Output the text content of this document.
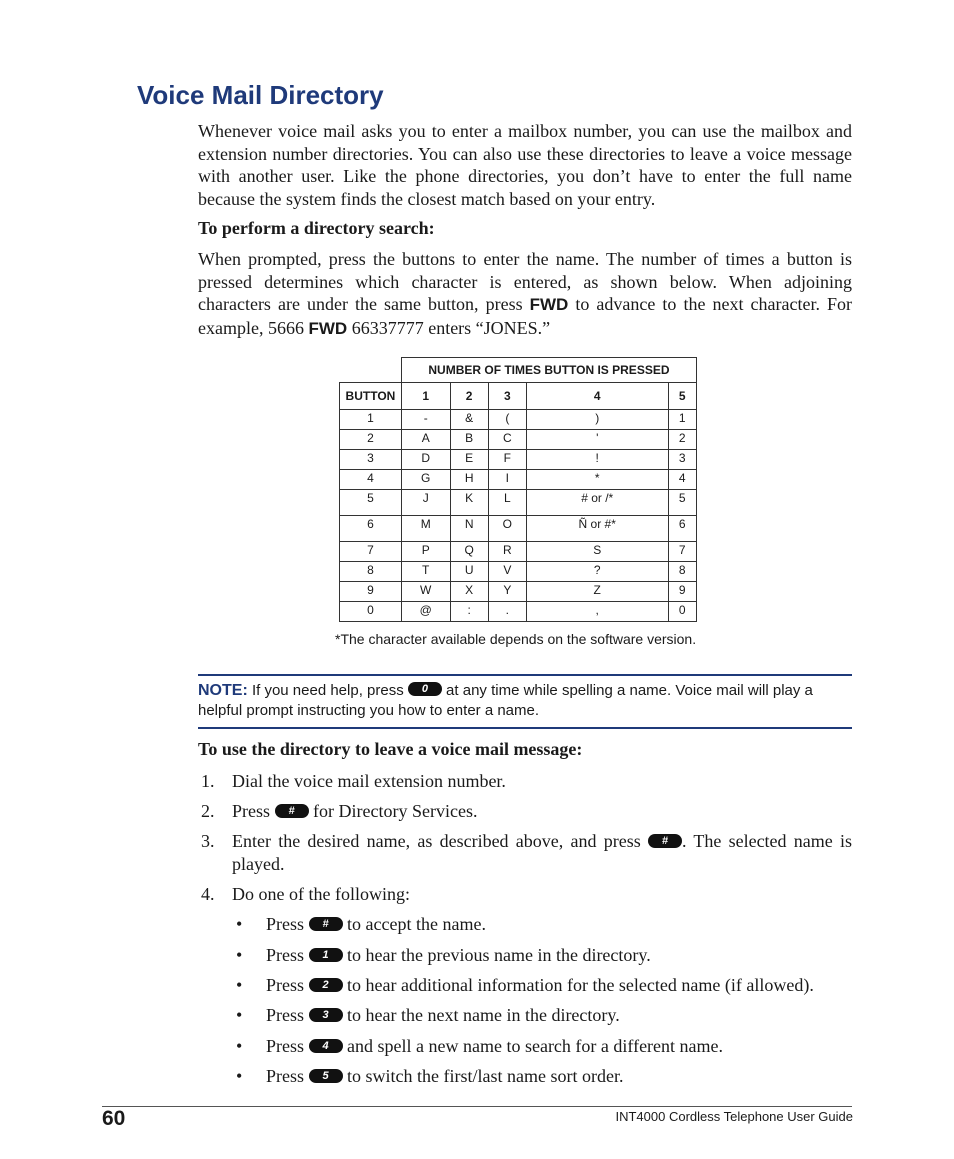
Voice Mail Directory

Whenever voice mail asks you to enter a mailbox number, you can use the mailbox and extension number directories. You can also use these directories to leave a voice message with another user. Like the phone directories, you don’t have to enter the full name because the system finds the closest match based on your entry.

To perform a directory search:

When prompted, press the buttons to enter the name. The number of times a button is pressed determines which character is entered, as shown below. When adjoining characters are under the same button, press FWD to advance to the next character. For example, 5666 FWD 66337777 enters “JONES.”

	NUMBER OF TIMES BUTTON IS PRESSED				
BUTTON	1	2	3	4	5
1	-	&	(	)	1
2	A	B	C	'	2
3	D	E	F	!	3
4	G	H	I	*	4
5	J	K	L	# or /*	5
6	M	N	O	Ñ or #*	6
7	P	Q	R	S	7
8	T	U	V	?	8
9	W	X	Y	Z	9
0	@	:	.	,	0
*The character available depends on the software version.
NOTE: If you need help, press 0 at any time while spelling a name. Voice mail will play a helpful prompt instructing you how to enter a name.

To use the directory to leave a voice mail message:

1. Dial the voice mail extension number.

2. Press # for Directory Services.

3. Enter the desired name, as described above, and press # . The selected name is played.

4. Do one of the following:

• Press # to accept the name.

• Press 1 to hear the previous name in the directory.

• Press 2 to hear additional information for the selected name (if allowed).

• Press 3 to hear the next name in the directory.

• Press 4 and spell a new name to search for a different name.

• Press 5 to switch the first/last name sort order.

60	INT4000 Cordless Telephone User Guide
